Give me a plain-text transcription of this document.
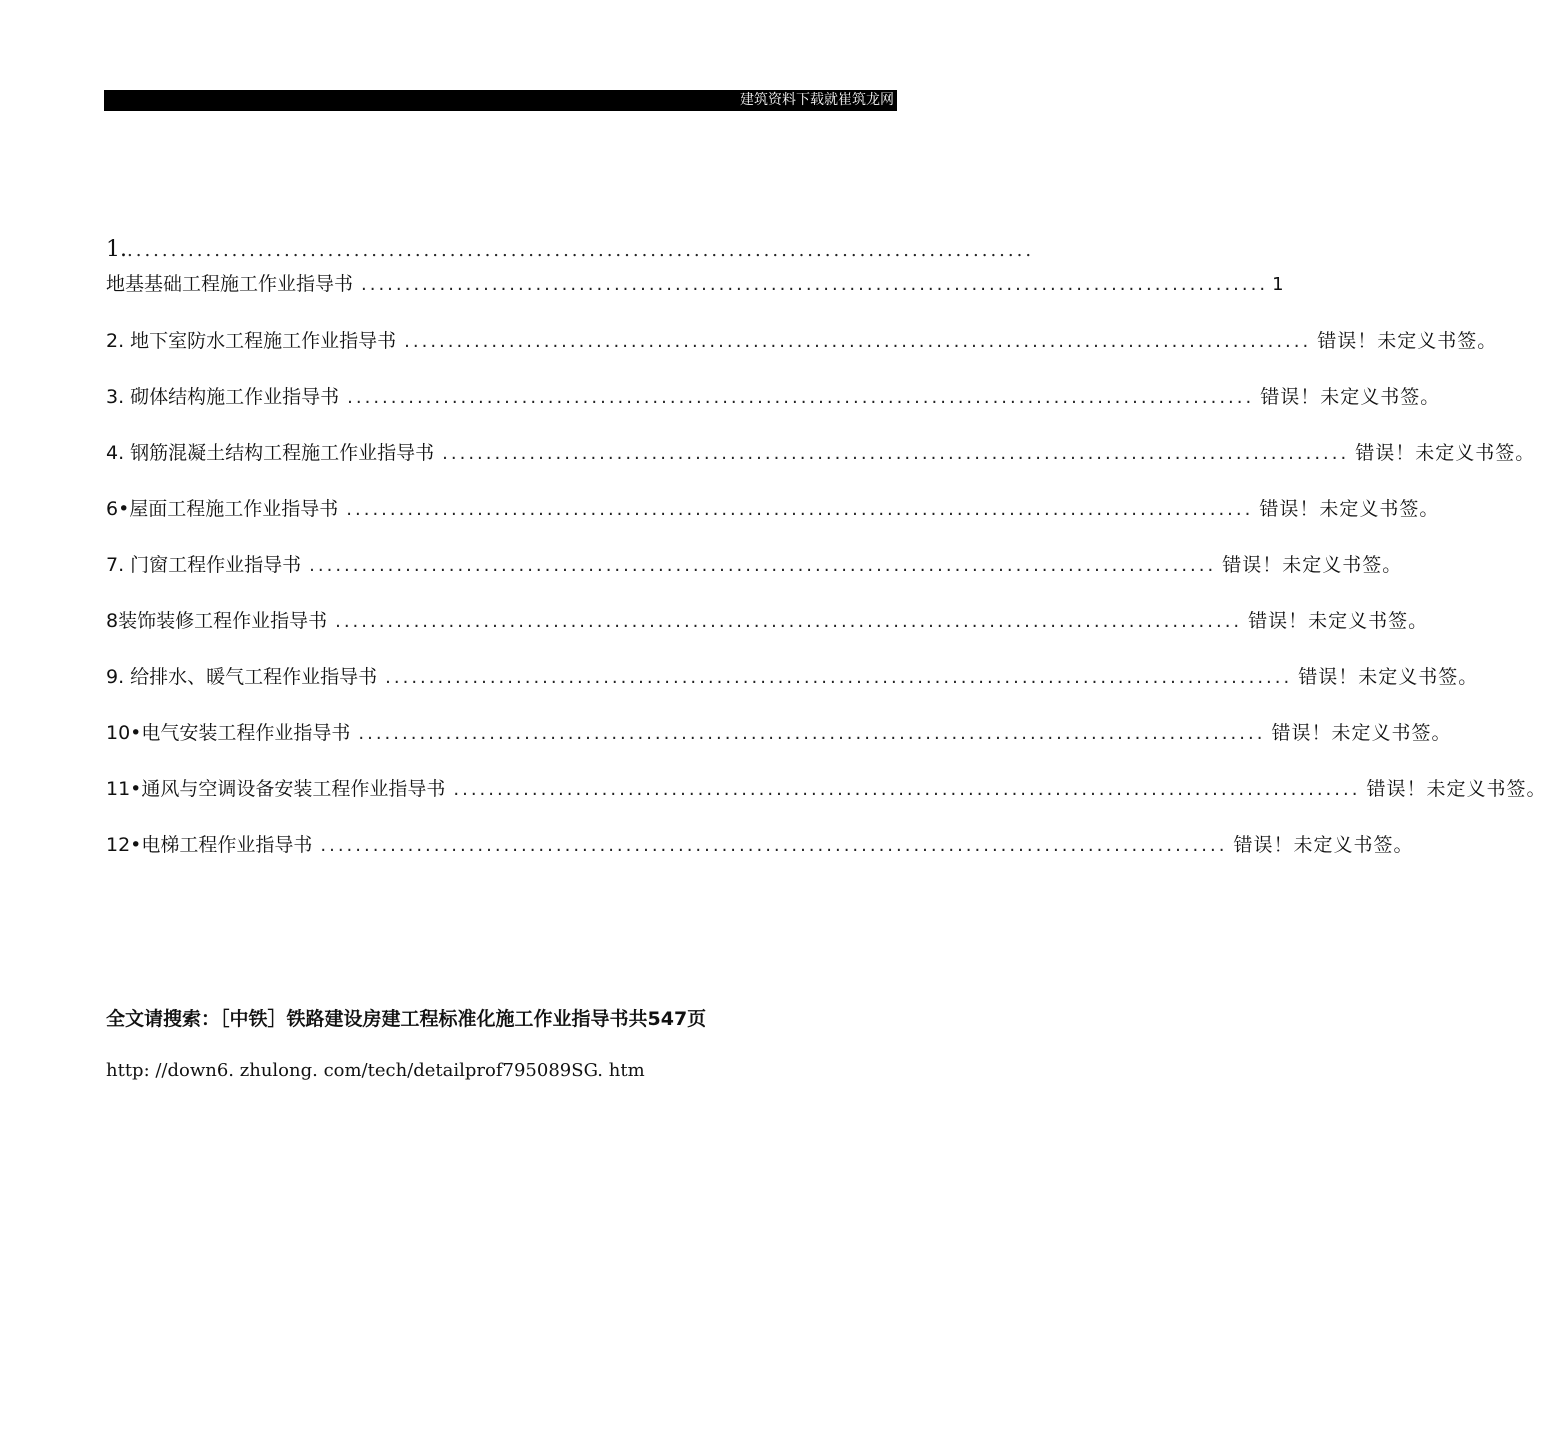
建筑资料下载就崔筑龙网
1. ........................................................................................................
地基基础工程施工作业指导书 ........................................................................................................ 1
2. 地下室防水工程施工作业指导书 ........................................................................................................ 错误！未定义书签。
3. 砌体结构施工作业指导书 ........................................................................................................ 错误！未定义书签。
4. 钢筋混凝土结构工程施工作业指导书 ........................................................................................................ 错误！未定义书签。
6•屋面工程施工作业指导书 ........................................................................................................ 错误！未定义书签。
7. 门窗工程作业指导书 ........................................................................................................ 错误！未定义书签。
8装饰装修工程作业指导书 ........................................................................................................ 错误！未定义书签。
9. 给排水、暖气工程作业指导书 ........................................................................................................ 错误！未定义书签。
10•电气安装工程作业指导书 ........................................................................................................ 错误！未定义书签。
11•通风与空调设备安装工程作业指导书 ........................................................................................................ 错误！未定义书签。
12•电梯工程作业指导书 ........................................................................................................ 错误！未定义书签。
全文请搜索：［中铁］铁路建设房建工程标准化施工作业指导书共547页
http: //down6. zhulong. com/tech/detailprof795089SG. htm
